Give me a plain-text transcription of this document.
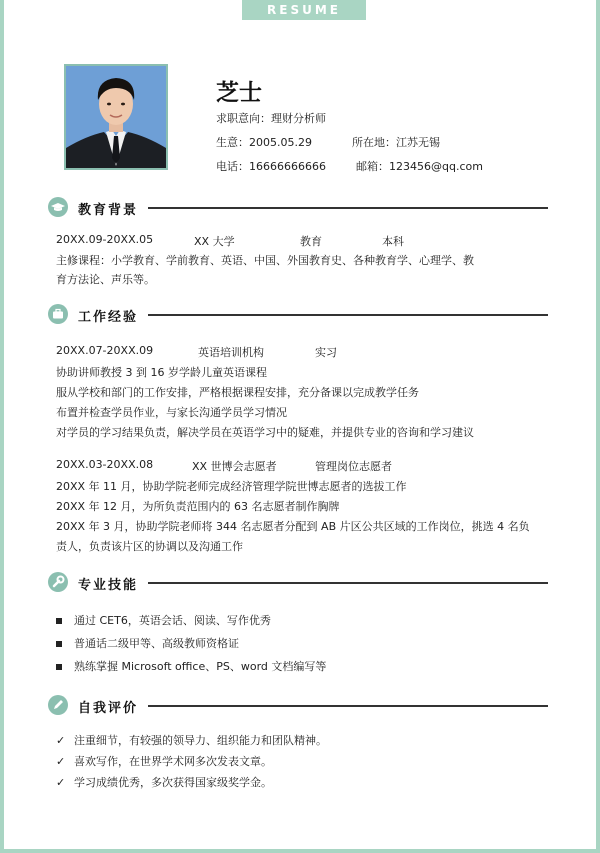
RESUME
芝士
求职意向：理财分析师
生意：2005.05.29	所在地：江苏无锡
电话：16666666666	邮箱：123456@qq.com
教育背景
20XX.09-20XX.05	XX 大学	教育	本科
主修课程：小学教育、学前教育、英语、中国、外国教育史、各种教育学、心理学、教
育方法论、声乐等。
工作经验
20XX.07-20XX.09	英语培训机构	实习
协助讲师教授 3 到 16 岁学龄儿童英语课程
服从学校和部门的工作安排，严格根据课程安排，充分备课以完成教学任务
布置并检查学员作业，与家长沟通学员学习情况
对学员的学习结果负责，解决学员在英语学习中的疑难，并提供专业的咨询和学习建议
20XX.03-20XX.08	XX 世博会志愿者	管理岗位志愿者
20XX 年 11 月，协助学院老师完成经济管理学院世博志愿者的选拔工作
20XX 年 12 月，为所负责范围内的 63 名志愿者制作胸牌
20XX 年 3 月，协助学院老师将 344 名志愿者分配到 AB 片区公共区域的工作岗位，挑选 4 名负
责人，负责该片区的协调以及沟通工作
专业技能
通过 CET6，英语会话、阅读、写作优秀
普通话二级甲等、高级教师资格证
熟练掌握 Microsoft office、PS、word 文档编写等
自我评价
✓ 注重细节，有较强的领导力、组织能力和团队精神。
✓ 喜欢写作，在世界学术网多次发表文章。
✓ 学习成绩优秀，多次获得国家级奖学金。
